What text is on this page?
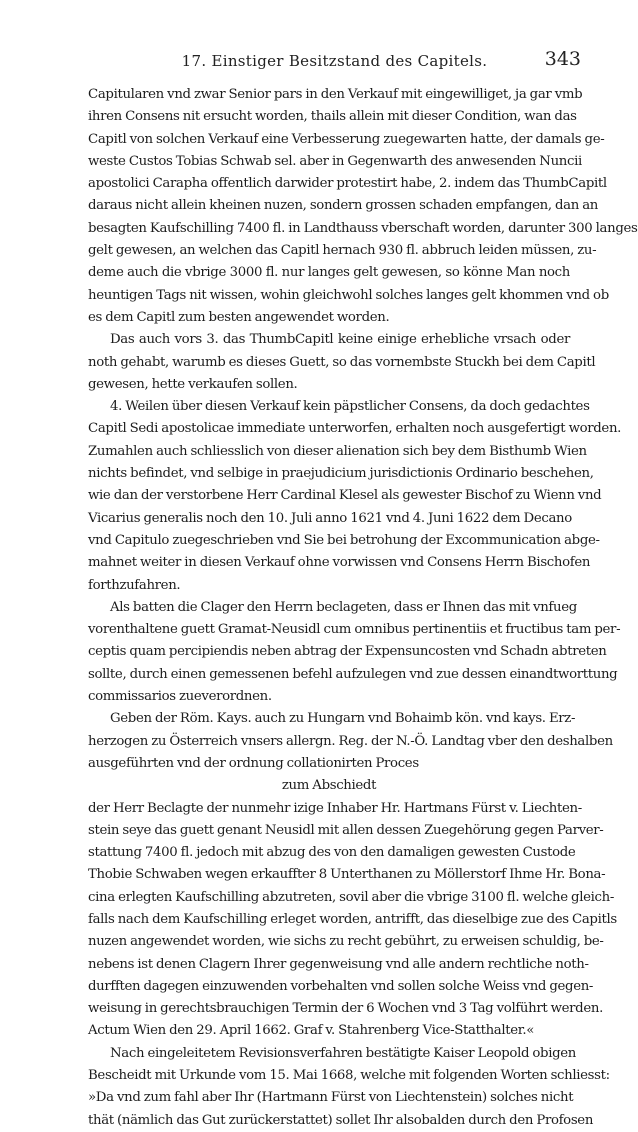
17. Einstiger Besitzstand des Capitels.	343
Capitularen vnd zwar Senior pars in den Verkauf mit eingewilliget, ja gar vmb
ihren Consens nit ersucht worden, thails allein mit dieser Condition, wan das
Capitl von solchen Verkauf eine Verbesserung zuegewarten hatte, der damals ge-
weste Custos Tobias Schwab sel. aber in Gegenwarth des anwesenden Nuncii
apostolici Carapha offentlich darwider protestirt habe, 2. indem das ThumbCapitl
daraus nicht allein kheinen nuzen, sondern grossen schaden empfangen, dan an
besagten Kaufschilling 7400 fl. in Landthauss vberschaft worden, darunter 300 langes
gelt gewesen, an welchen das Capitl hernach 930 fl. abbruch leiden müssen, zu-
deme auch die vbrige 3000 fl. nur langes gelt gewesen, so könne Man noch
heuntigen Tags nit wissen, wohin gleichwohl solches langes gelt khommen vnd ob
es dem Capitl zum besten angewendet worden.
Das auch vors 3. das ThumbCapitl keine einige erhebliche vrsach oder
noth gehabt, warumb es dieses Guett, so das vornembste Stuckh bei dem Capitl
gewesen, hette verkaufen sollen.
4. Weilen über diesen Verkauf kein päpstlicher Consens, da doch gedachtes
Capitl Sedi apostolicae immediate unterworfen, erhalten noch ausgefertigt worden.
Zumahlen auch schliesslich von dieser alienation sich bey dem Bisthumb Wien
nichts befindet, vnd selbige in praejudicium jurisdictionis Ordinario beschehen,
wie dan der verstorbene Herr Cardinal Klesel als gewester Bischof zu Wienn vnd
Vicarius generalis noch den 10. Juli anno 1621 vnd 4. Juni 1622 dem Decano
vnd Capitulo zuegeschrieben vnd Sie bei betrohung der Excommunication abge-
mahnet weiter in diesen Verkauf ohne vorwissen vnd Consens Herrn Bischofen
forthzufahren.
Als batten die Clager den Herrn beclageten, dass er Ihnen das mit vnfueg
vorenthaltene guett Gramat-Neusidl cum omnibus pertinentiis et fructibus tam per-
ceptis quam percipiendis neben abtrag der Expensuncosten vnd Schadn abtreten
sollte, durch einen gemessenen befehl aufzulegen vnd zue dessen einandtworttung
commissarios zueverordnen.
Geben der Röm. Kays. auch zu Hungarn vnd Bohaimb kön. vnd kays. Erz-
herzogen zu Österreich vnsers allergn. Reg. der N.-Ö. Landtag vber den deshalben
ausgeführten vnd der ordnung collationirten Proces
zum Abschiedt
der Herr Beclagte der nunmehr izige Inhaber Hr. Hartmans Fürst v. Liechten-
stein seye das guett genant Neusidl mit allen dessen Zuegehörung gegen Parver-
stattung 7400 fl. jedoch mit abzug des von den damaligen gewesten Custode
Thobie Schwaben wegen erkauffter 8 Unterthanen zu Möllerstorf Ihme Hr. Bona-
cina erlegten Kaufschilling abzutreten, sovil aber die vbrige 3100 fl. welche gleich-
falls nach dem Kaufschilling erleget worden, antrifft, das dieselbige zue des Capitls
nuzen angewendet worden, wie sichs zu recht gebührt, zu erweisen schuldig, be-
nebens ist denen Clagern Ihrer gegenweisung vnd alle andern rechtliche noth-
durfften dagegen einzuwenden vorbehalten vnd sollen solche Weiss vnd gegen-
weisung in gerechtsbrauchigen Termin der 6 Wochen vnd 3 Tag volführt werden.
Actum Wien den 29. April 1662. Graf v. Stahrenberg Vice-Statthalter.«
Nach eingeleitetem Revisionsverfahren bestätigte Kaiser Leopold obigen
Bescheidt mit Urkunde vom 15. Mai 1668, welche mit folgenden Worten schliesst:
»Da vnd zum fahl aber Ihr (Hartmann Fürst von Liechtenstein) solches nicht
thät (nämlich das Gut zurückerstattet) sollet Ihr alsobalden durch den Profosen
